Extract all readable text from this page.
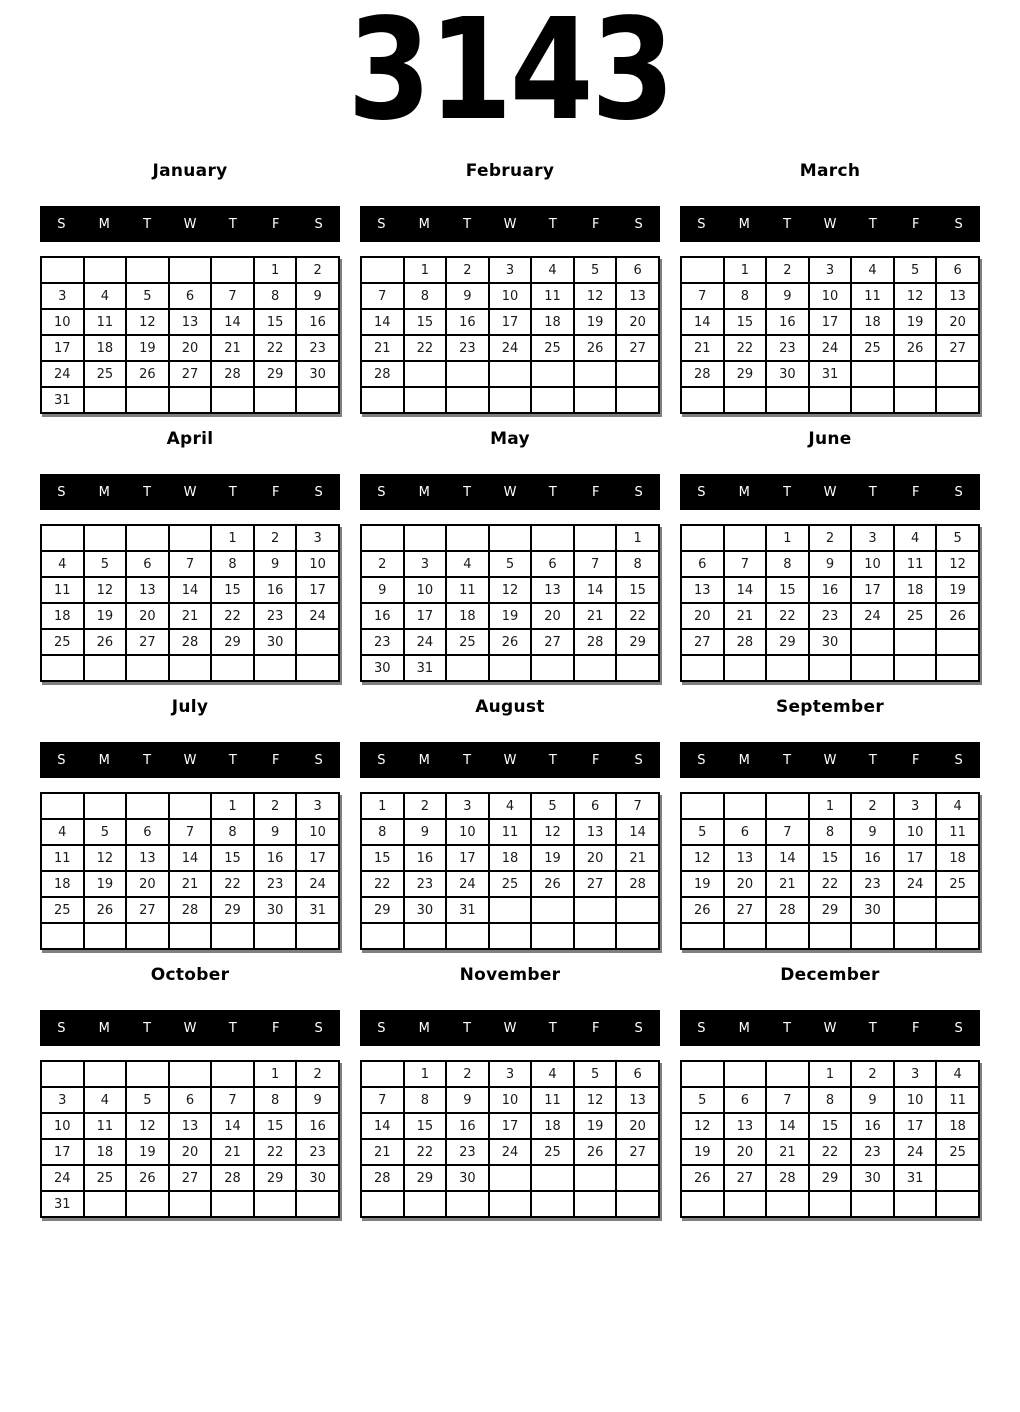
3143
January
S	M	T	W	T	F	S
					1	2
3	4	5	6	7	8	9
10	11	12	13	14	15	16
17	18	19	20	21	22	23
24	25	26	27	28	29	30
31						
February
S	M	T	W	T	F	S
	1	2	3	4	5	6
7	8	9	10	11	12	13
14	15	16	17	18	19	20
21	22	23	24	25	26	27
28						

March
S	M	T	W	T	F	S
	1	2	3	4	5	6
7	8	9	10	11	12	13
14	15	16	17	18	19	20
21	22	23	24	25	26	27
28	29	30	31			

April
S	M	T	W	T	F	S
				1	2	3
4	5	6	7	8	9	10
11	12	13	14	15	16	17
18	19	20	21	22	23	24
25	26	27	28	29	30	

May
S	M	T	W	T	F	S
						1
2	3	4	5	6	7	8
9	10	11	12	13	14	15
16	17	18	19	20	21	22
23	24	25	26	27	28	29
30	31					
June
S	M	T	W	T	F	S
		1	2	3	4	5
6	7	8	9	10	11	12
13	14	15	16	17	18	19
20	21	22	23	24	25	26
27	28	29	30			

July
S	M	T	W	T	F	S
				1	2	3
4	5	6	7	8	9	10
11	12	13	14	15	16	17
18	19	20	21	22	23	24
25	26	27	28	29	30	31

August
S	M	T	W	T	F	S
1	2	3	4	5	6	7
8	9	10	11	12	13	14
15	16	17	18	19	20	21
22	23	24	25	26	27	28
29	30	31				

September
S	M	T	W	T	F	S
			1	2	3	4
5	6	7	8	9	10	11
12	13	14	15	16	17	18
19	20	21	22	23	24	25
26	27	28	29	30		

October
S	M	T	W	T	F	S
					1	2
3	4	5	6	7	8	9
10	11	12	13	14	15	16
17	18	19	20	21	22	23
24	25	26	27	28	29	30
31						
November
S	M	T	W	T	F	S
	1	2	3	4	5	6
7	8	9	10	11	12	13
14	15	16	17	18	19	20
21	22	23	24	25	26	27
28	29	30				

December
S	M	T	W	T	F	S
			1	2	3	4
5	6	7	8	9	10	11
12	13	14	15	16	17	18
19	20	21	22	23	24	25
26	27	28	29	30	31	
